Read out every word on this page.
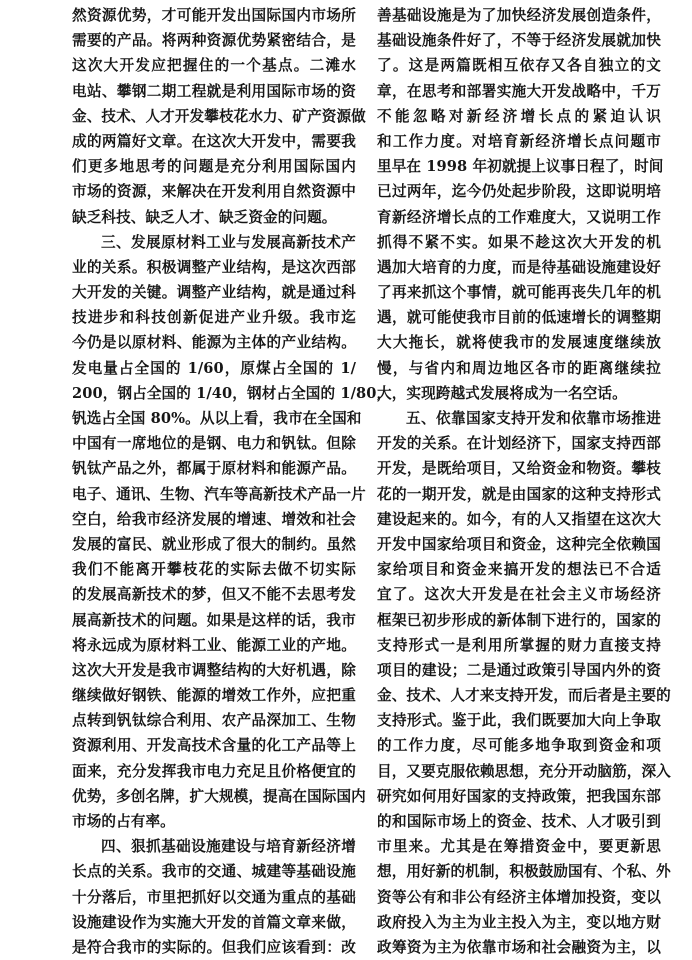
然资源优势，才可能开发出国际国内市场所
需要的产品。将两种资源优势紧密结合，是
这次大开发应把握住的一个基点。二滩水
电站、攀钢二期工程就是利用国际市场的资
金、技术、人才开发攀枝花水力、矿产资源做
成的两篇好文章。在这次大开发中，需要我
们更多地思考的问题是充分利用国际国内
市场的资源，来解决在开发利用自然资源中
缺乏科技、缺乏人才、缺乏资金的问题。
三、发展原材料工业与发展高新技术产
业的关系。积极调整产业结构，是这次西部
大开发的关键。调整产业结构，就是通过科
技进步和科技创新促进产业升级。我市迄
今仍是以原材料、能源为主体的产业结构。
发电量占全国的 1/60，原煤占全国的 1/
200，钢占全国的 1/40，钢材占全国的 1/80，
钒选占全国 80%。从以上看，我市在全国和
中国有一席地位的是钢、电力和钒钛。但除
钒钛产品之外，都属于原材料和能源产品。
电子、通讯、生物、汽车等高新技术产品一片
空白，给我市经济发展的增速、增效和社会
发展的富民、就业形成了很大的制约。虽然
我们不能离开攀枝花的实际去做不切实际
的发展高新技术的梦，但又不能不去思考发
展高新技术的问题。如果是这样的话，我市
将永远成为原材料工业、能源工业的产地。
这次大开发是我市调整结构的大好机遇，除
继续做好钢铁、能源的增效工作外，应把重
点转到钒钛综合利用、农产品深加工、生物
资源利用、开发高技术含量的化工产品等上
面来，充分发挥我市电力充足且价格便宜的
优势，多创名牌，扩大规模，提高在国际国内
市场的占有率。
四、狠抓基础设施建设与培育新经济增
长点的关系。我市的交通、城建等基础设施
十分落后，市里把抓好以交通为重点的基础
设施建设作为实施大开发的首篇文章来做，
是符合我市的实际的。但我们应该看到：改
善基础设施是为了加快经济发展创造条件，
基础设施条件好了，不等于经济发展就加快
了。这是两篇既相互依存又各自独立的文
章，在思考和部署实施大开发战略中，千万
不能忽略对新经济增长点的紧迫认识
和工作力度。对培育新经济增长点问题市
里早在 1998 年初就提上议事日程了，时间
已过两年，迄今仍处起步阶段，这即说明培
育新经济增长点的工作难度大，又说明工作
抓得不紧不实。如果不趁这次大开发的机
遇加大培育的力度，而是待基础设施建设好
了再来抓这个事情，就可能再丧失几年的机
遇，就可能使我市目前的低速增长的调整期
大大拖长，就将使我市的发展速度继续放
慢，与省内和周边地区各市的距离继续拉
大，实现跨越式发展将成为一名空话。
五、依靠国家支持开发和依靠市场推进
开发的关系。在计划经济下，国家支持西部
开发，是既给项目，又给资金和物资。攀枝
花的一期开发，就是由国家的这种支持形式
建设起来的。如今，有的人又指望在这次大
开发中国家给项目和资金，这种完全依赖国
家给项目和资金来搞开发的想法已不合适
宜了。这次大开发是在社会主义市场经济
框架已初步形成的新体制下进行的，国家的
支持形式一是利用所掌握的财力直接支持
项目的建设；二是通过政策引导国内外的资
金、技术、人才来支持开发，而后者是主要的
支持形式。鉴于此，我们既要加大向上争取
的工作力度，尽可能多地争取到资金和项
目，又要克服依赖思想，充分开动脑筋，深入
研究如何用好国家的支持政策，把我国东部
的和国际市场上的资金、技术、人才吸引到
市里来。尤其是在筹措资金中，要更新思
想，用好新的机制，积极鼓励国有、个私、外
资等公有和非公有经济主体增加投资，变以
政府投入为主为业主投入为主，变以地方财
政筹资为主为依靠市场和社会融资为主，以
